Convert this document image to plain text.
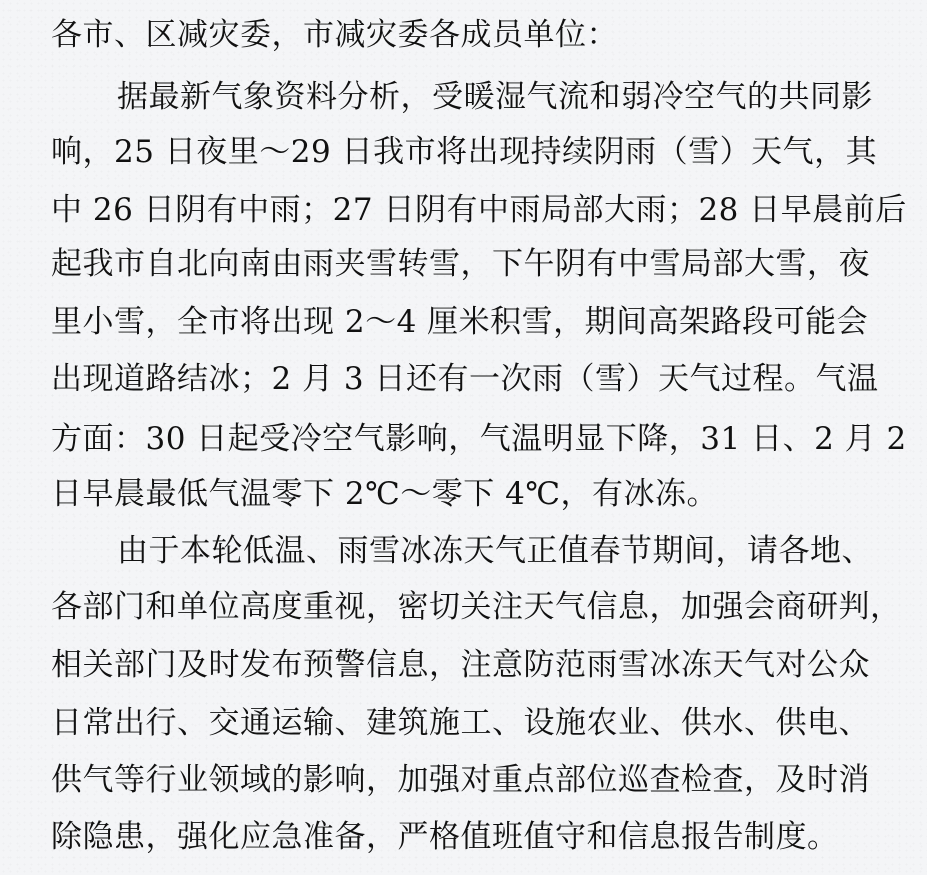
各市、区减灾委，市减灾委各成员单位：
据最新气象资料分析，受暖湿气流和弱冷空气的共同影
响，25 日夜里～29 日我市将出现持续阴雨（雪）天气，其
中 26 日阴有中雨；27 日阴有中雨局部大雨；28 日早晨前后
起我市自北向南由雨夹雪转雪，下午阴有中雪局部大雪，夜
里小雪，全市将出现 2～4 厘米积雪，期间高架路段可能会
出现道路结冰；2 月 3 日还有一次雨（雪）天气过程。气温
方面：30 日起受冷空气影响，气温明显下降，31 日、2 月 2
日早晨最低气温零下 2℃～零下 4℃，有冰冻。
由于本轮低温、雨雪冰冻天气正值春节期间，请各地、
各部门和单位高度重视，密切关注天气信息，加强会商研判，
相关部门及时发布预警信息，注意防范雨雪冰冻天气对公众
日常出行、交通运输、建筑施工、设施农业、供水、供电、
供气等行业领域的影响，加强对重点部位巡查检查，及时消
除隐患，强化应急准备，严格值班值守和信息报告制度。
